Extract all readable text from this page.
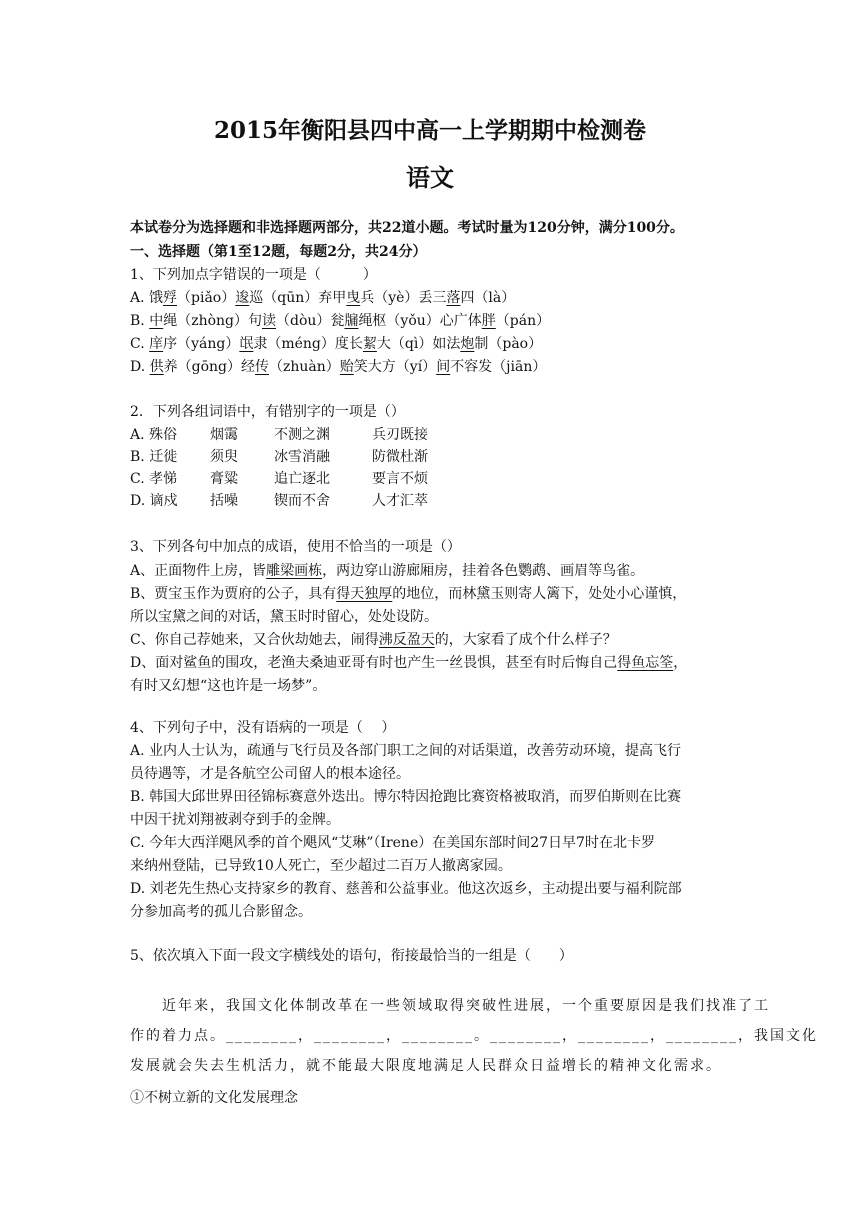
2015年衡阳县四中高一上学期期中检测卷
语文
本试卷分为选择题和非选择题两部分，共22道小题。考试时量为120分钟，满分100分。
一、选择题（第1至12题，每题2分，共24分）
1、下列加点字错误的一项是（　　　）
A. 饿殍（piǎo）逡巡（qūn）弃甲曳兵（yè）丢三落四（là）
B. 中绳（zhòng）句读（dòu）瓮牖绳枢（yǒu）心广体胖（pán）
C. 庠序（yáng）氓隶（méng）度长絜大（qì）如法炮制（pào）
D. 供养（gōng）经传（zhuàn）贻笑大方（yí）间不容发（jiān）
2．下列各组词语中，有错别字的一项是（）
A. 殊俗 烟霭	不测之渊	兵刃既接
B. 迁徙 须臾	冰雪消融	防微杜渐
C. 孝悌 膏粱	追亡逐北	要言不烦
D. 谪戍 括噪	锲而不舍	人才汇萃
3、下列各句中加点的成语，使用不恰当的一项是（）
A、正面物件上房，皆雕梁画栋，两边穿山游廊厢房，挂着各色鹦鹉、画眉等鸟雀。
B、贾宝玉作为贾府的公子，具有得天独厚的地位，而林黛玉则寄人篱下，处处小心谨慎，
所以宝黛之间的对话，黛玉时时留心，处处设防。
C、你自己荐她来，又合伙劫她去，闹得沸反盈天的，大家看了成个什么样子？
D、面对鲨鱼的围攻，老渔夫桑迪亚哥有时也产生一丝畏惧，甚至有时后悔自己得鱼忘筌，
有时又幻想“这也许是一场梦”。
4、下列句子中，没有语病的一项是（　 ）
A. 业内人士认为，疏通与飞行员及各部门职工之间的对话渠道，改善劳动环境，提高飞行
员待遇等，才是各航空公司留人的根本途径。
B. 韩国大邱世界田径锦标赛意外迭出。博尔特因抢跑比赛资格被取消，而罗伯斯则在比赛
中因干扰刘翔被剥夺到手的金牌。
C. 今年大西洋飓风季的首个飓风“艾琳”（Irene）在美国东部时间27日早7时在北卡罗
来纳州登陆，已导致10人死亡，至少超过二百万人撤离家园。
D. 刘老先生热心支持家乡的教育、慈善和公益事业。他这次返乡，主动提出要与福利院部
分参加高考的孤儿合影留念。
5、依次填入下面一段文字横线处的语句，衔接最恰当的一组是（　　）
　　近年来，我国文化体制改革在一些领域取得突破性进展，一个重要原因是我们找准了工
作的着力点。________，________，________。________，________，________，我国文化
发展就会失去生机活力，就不能最大限度地满足人民群众日益增长的精神文化需求。
①不树立新的文化发展理念
